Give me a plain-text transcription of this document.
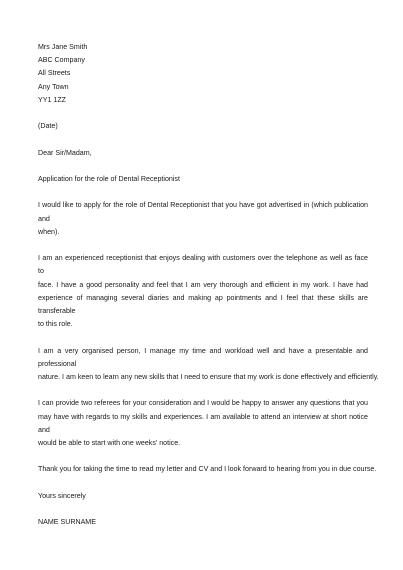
Mrs Jane Smith
ABC Company
All Streets
Any Town
YY1 1ZZ
(Date)
Dear Sir/Madam,
Application for the role of Dental Receptionist
I would like to apply for the role of Dental Receptionist that you have got advertised in (which publication and
when).
I am an experienced receptionist that enjoys dealing with customers over the telephone as well as face to
face. I have a good personality and feel that I am very thorough and efficient in my work. I have had
experience of managing several diaries and making ap pointments and I feel that these skills are transferable
to this role.
I am a very organised person, I manage my time and workload well and have a presentable and professional
nature. I am keen to learn any new skills that I need to ensure that my work is done effectively and efficiently.
I can provide two referees for your consideration and I would be happy to answer any questions that you
may have with regards to my skills and experiences. I am available to attend an interview at short notice and
would be able to start with one weeks' notice.
Thank you for taking the time to read my letter and CV and I look forward to hearing from you in due course.
Yours sincerely
NAME SURNAME
